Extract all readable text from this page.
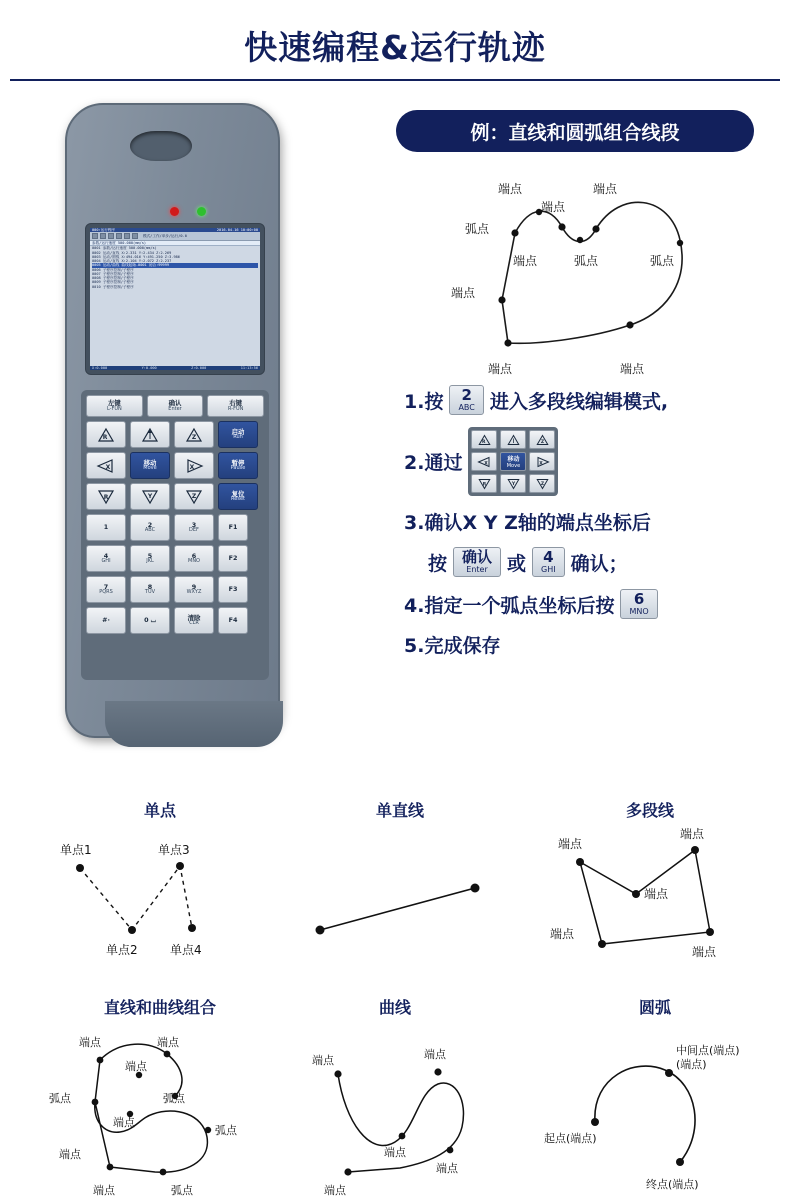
快速编程&运行轨迹
000:运行程序	2016.04.16 10:00:00
模式/工作/单步/运行/0.0
参数/运行速度 500.000(mm/s)
0001 参数/运行速度 500.000(mm/s)
0002 运动/直线 X:2.331 Y:2.434 Z:2.269
0003 运动/圆弧 X:494.016 Y:491.250 Z:3.986
0004 运动/直线 X:2.104 Y:2.072 Z:2.237
0005 运动/曲线 曲线起始-0001 闭合:99999
0006 子程序控制/子程序
0007 子程序控制/子程序
0008 子程序控制/子程序
0009 子程序控制/子程序
0010 子程序控制/子程序
X:0.000	Y:0.000	Z:0.000	11:13:56
左键
L-FUN
确认
Enter
右键
R-FUN
R	Z
启动
Run
X
移动
Move	X
暂停
Pause
R	Y	Z	复位
Reset
1	2
ABC
3
DEF	F1
4
GHI
5
JKL
6
MNO	F2
7
PQRS
8
TUV
9
WXYZ	F3
#·	0 ⌴	清除
CLR	F4
例：直线和圆弧组合线段
端点	端点
端点
弧点
端点	弧点	弧点
端点
端点	端点
1.按 2
ABC 进入多段线编辑模式,
2.通过
R	Z
X
移动
Move	X
R	Y	Z
3.确认X Y Z轴的端点坐标后
按 确认
Enter 或 4
GHI 确认；
4.指定一个弧点坐标后按 6
MNO
5.完成保存
单点
单点1	单点3
单点2	单点4
单直线	多段线
端点
端点
端点
端点
端点
直线和曲线组合
端点	端点
端点
弧点	弧点
端点
弧点
端点
端点	弧点
曲线
端点	端点
端点
端点
端点
圆弧
中间点(端点)
(端点)
起点(端点)
终点(端点)
